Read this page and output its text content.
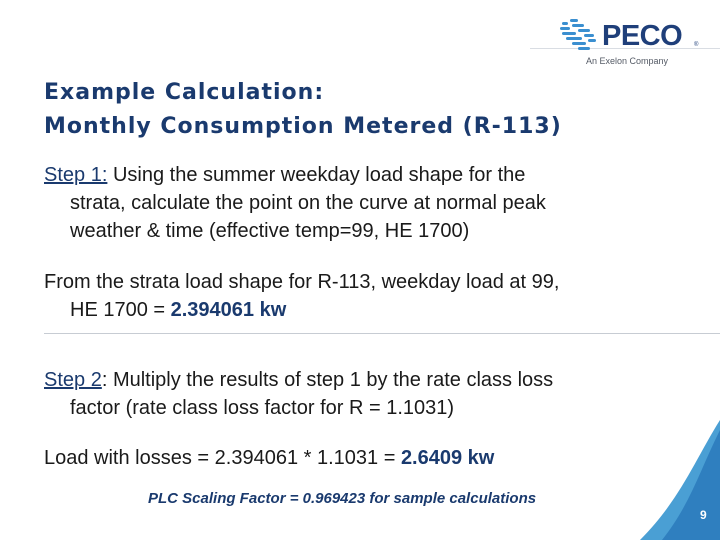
PECO ®
An Exelon Company
Example Calculation:
Monthly Consumption Metered (R-113)

Step 1: Using the summer weekday load shape for the
strata, calculate the point on the curve at normal peak
weather & time (effective temp=99, HE 1700)

From the strata load shape for R-113, weekday load at 99,
HE 1700 = 2.394061 kw

Step 2: Multiply the results of step 1 by the rate class loss
factor (rate class loss factor for R = 1.1031)

Load with losses = 2.394061 * 1.1031 = 2.6409 kw

PLC Scaling Factor = 0.969423 for sample calculations
9
